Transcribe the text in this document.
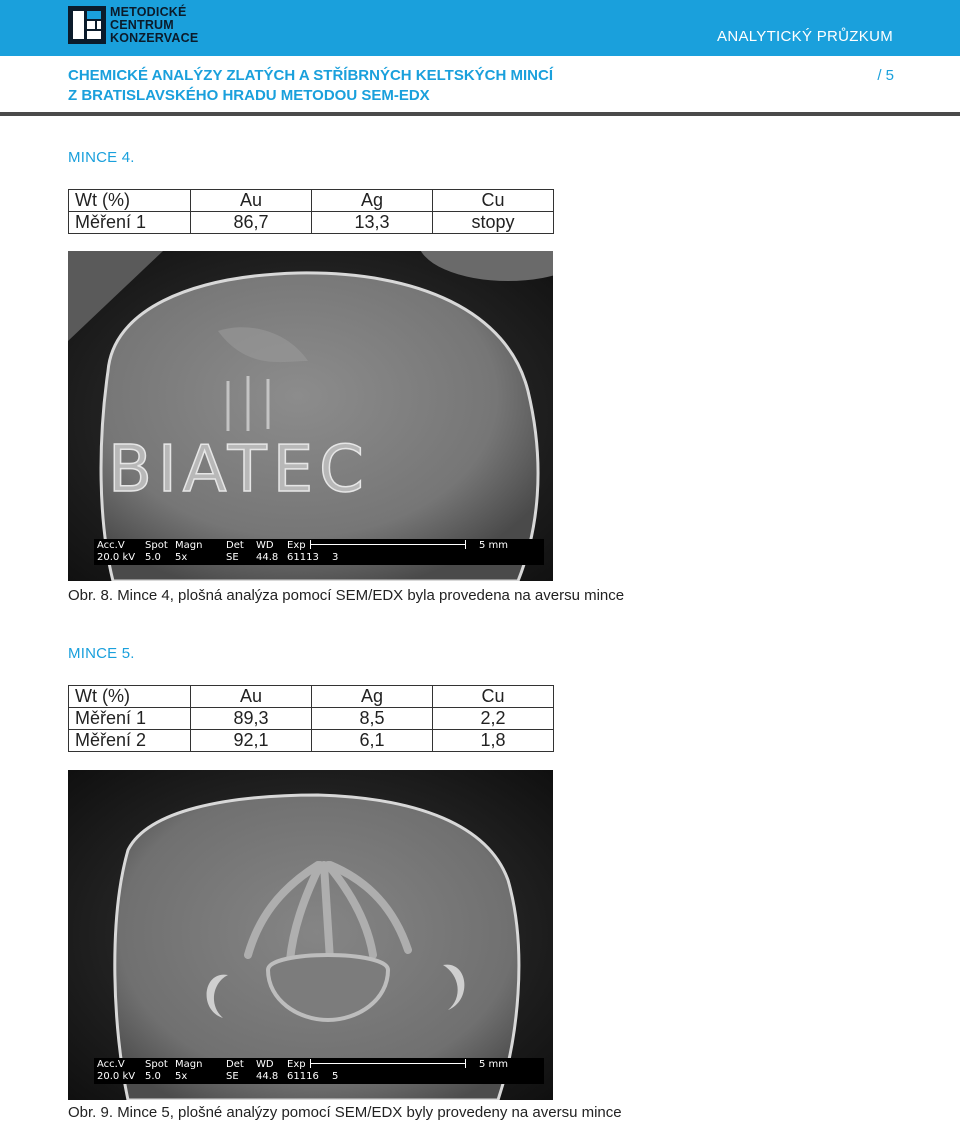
METODICKÉ
CENTRUM
KONZERVACE	ANALYTICKÝ PRŮZKUM
CHEMICKÉ ANALÝZY ZLATÝCH A STŘÍBRNÝCH KELTSKÝCH MINCÍ
Z BRATISLAVSKÉHO HRADU METODOU SEM-EDX
/ 5
MINCE 4.
Wt (%)	Au	Ag	Cu
Měření 1	86,7	13,3	stopy
BIATEC
Acc.V Spot Magn Det WD Exp	5 mm
20.0 kV 5.0 5x	SE 44.8 61113 3
Obr. 8. Mince 4, plošná analýza pomocí SEM/EDX byla provedena na aversu mince
MINCE 5.
Wt (%)	Au	Ag	Cu
Měření 1	89,3	8,5	2,2
Měření 2	92,1	6,1	1,8
Acc.V Spot Magn Det WD Exp	5 mm
20.0 kV 5.0 5x	SE 44.8 61116 5
Obr. 9. Mince 5, plošné analýzy pomocí SEM/EDX byly provedeny na aversu mince
